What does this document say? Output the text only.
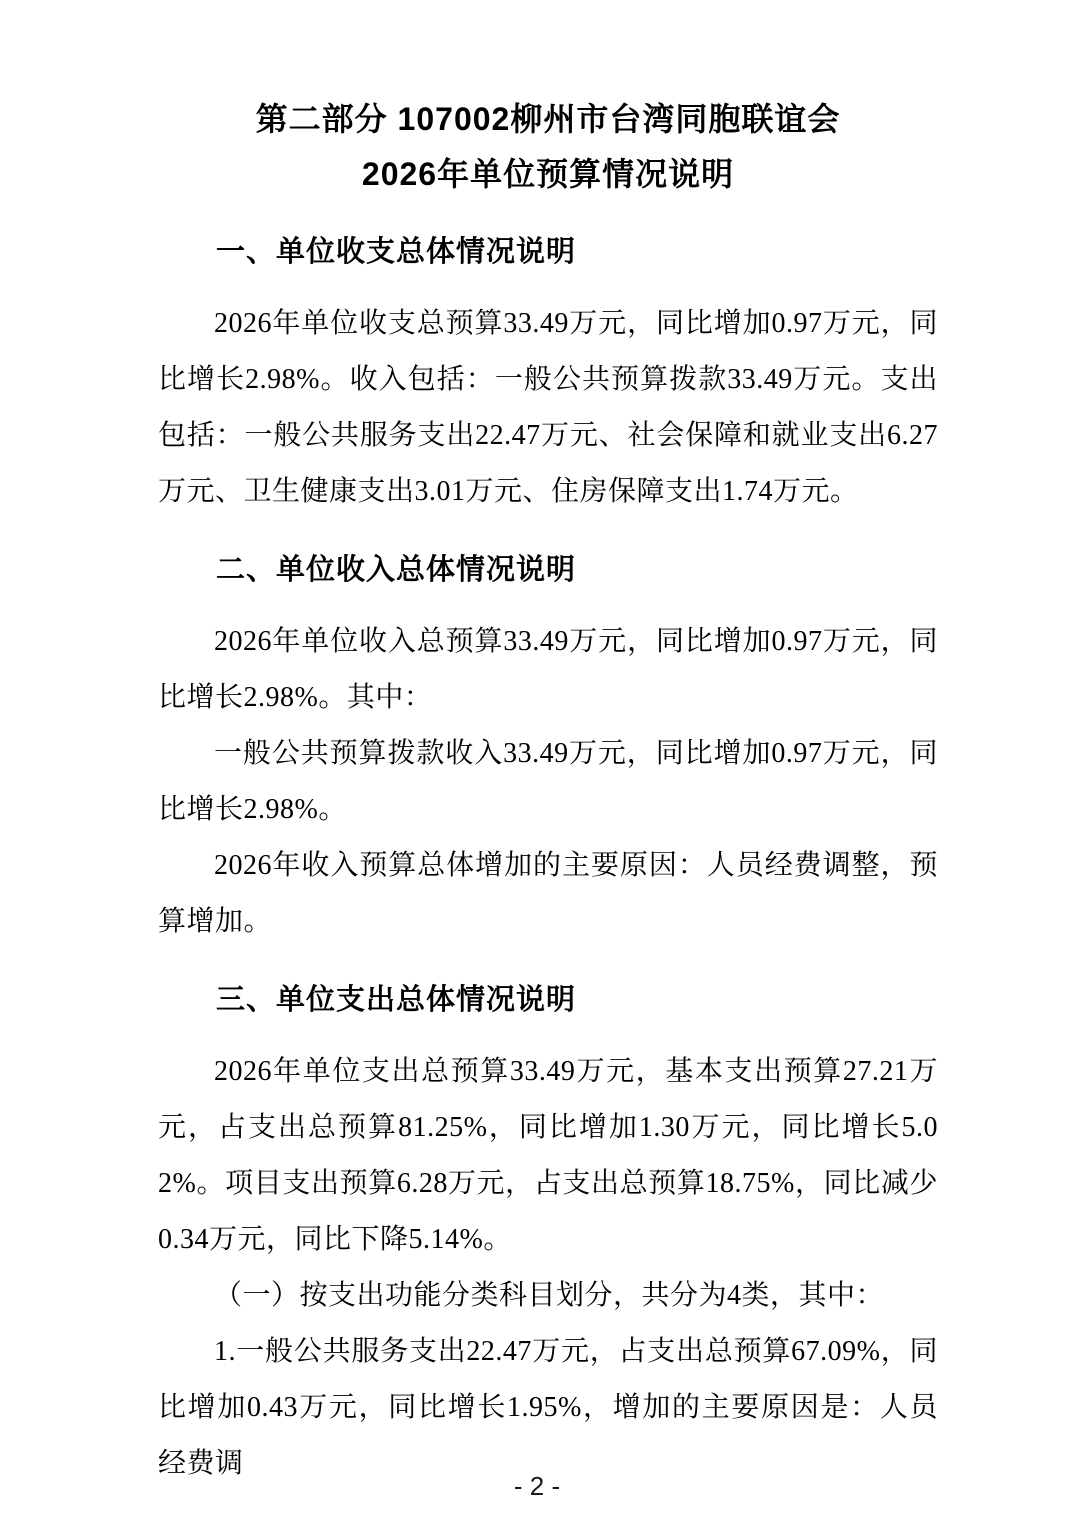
第二部分 107002柳州市台湾同胞联谊会
2026年单位预算情况说明
一、单位收支总体情况说明

2026年单位收支总预算33.49万元，同比增加0.97万元，同比增长2.98%。收入包括：一般公共预算拨款33.49万元。支出包括：一般公共服务支出22.47万元、社会保障和就业支出6.27万元、卫生健康支出3.01万元、住房保障支出1.74万元。

二、单位收入总体情况说明

2026年单位收入总预算33.49万元，同比增加0.97万元，同比增长2.98%。其中：

一般公共预算拨款收入33.49万元，同比增加0.97万元，同比增长2.98%。

2026年收入预算总体增加的主要原因：人员经费调整，预算增加。

三、单位支出总体情况说明

2026年单位支出总预算33.49万元，基本支出预算27.21万元，占支出总预算81.25%，同比增加1.30万元，同比增长5.02%。项目支出预算6.28万元，占支出总预算18.75%，同比减少0.34万元，同比下降5.14%。

（一）按支出功能分类科目划分，共分为4类，其中：

1.一般公共服务支出22.47万元，占支出总预算67.09%，同比增加0.43万元，同比增长1.95%，增加的主要原因是：人员经费调

- 2 -
